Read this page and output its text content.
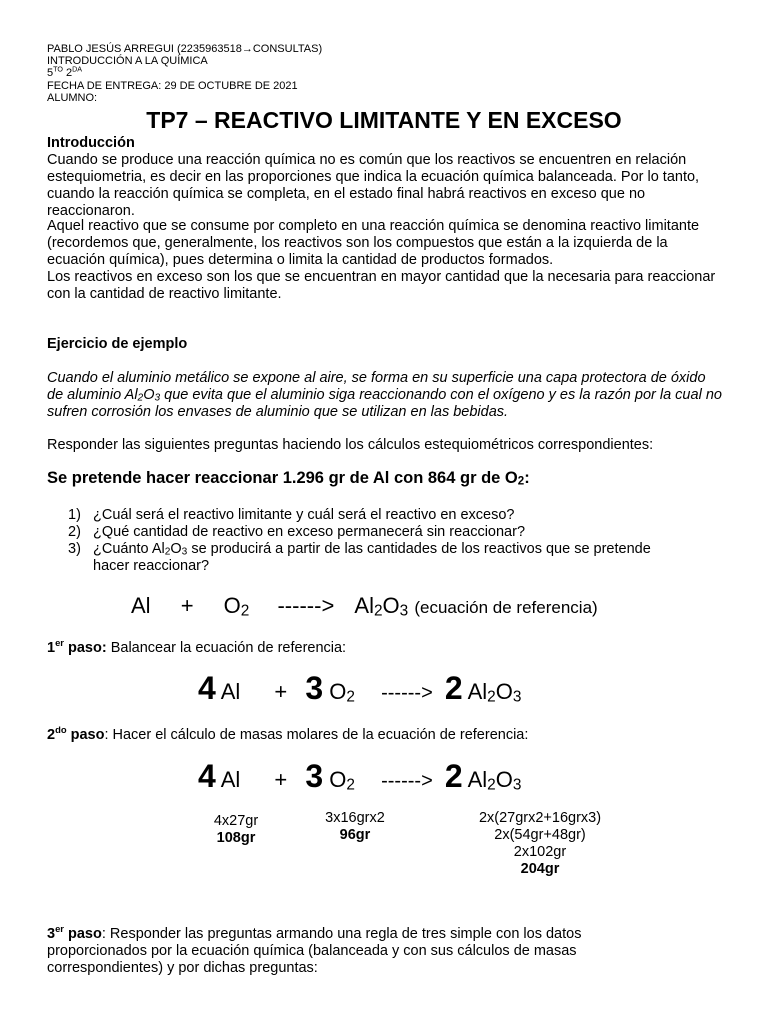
PABLO JESÚS ARREGUI (2235963518→CONSULTAS)
INTRODUCCIÓN A LA QUÍMICA
$5^{TO}$ $2^{DA}$
FECHA DE ENTREGA: 29 DE OCTUBRE DE 2021
ALUMNO:
TP7 – REACTIVO LIMITANTE Y EN EXCESO
Introducción
Cuando se produce una reacción química no es común que los reactivos se encuentren en relación estequiometria, es decir en las proporciones que indica la ecuación química balanceada. Por lo tanto, cuando la reacción química se completa, en el estado final habrá reactivos en exceso que no reaccionaron.
Aquel reactivo que se consume por completo en una reacción química se denomina reactivo limitante (recordemos que, generalmente, los reactivos son los compuestos que están a la izquierda de la ecuación química), pues determina o limita la cantidad de productos formados.
Los reactivos en exceso son los que se encuentran en mayor cantidad que la necesaria para reaccionar con la cantidad de reactivo limitante.
Ejercicio de ejemplo
Cuando el aluminio metálico se expone al aire, se forma en su superficie una capa protectora de óxido de aluminio $Al_2O_3$ que evita que el aluminio siga reaccionando con el oxígeno y es la razón por la cual no sufren corrosión los envases de aluminio que se utilizan en las bebidas.
Responder las siguientes preguntas haciendo los cálculos estequiométricos correspondientes:
Se pretende hacer reaccionar 1.296 gr de Al con 864 gr de $O_2$:
1) ¿Cuál será el reactivo limitante y cuál será el reactivo en exceso?
2) ¿Qué cantidad de reactivo en exceso permanecerá sin reaccionar?
3) ¿Cuánto $Al_2O_3$ se producirá a partir de las cantidades de los reactivos que se pretende
hacer reaccionar?
$Al + O_2$ ------> $Al_2O_3$ (ecuación de referencia)
1er paso: Balancear la ecuación de referencia:
4 Al + 3 $O_2$ ------> 2 $Al_2O_3$
$2^{do}$ paso: Hacer el cálculo de masas molares de la ecuación de referencia:
4 Al + 3 $O_2$ ------> 2 $Al_2O_3$
4x27gr
108gr
3x16grx2
96gr
2x(27grx2+16grx3)
2x(54gr+48gr)
2x102gr
204gr
3er paso: Responder las preguntas armando una regla de tres simple con los datos
proporcionados por la ecuación química (balanceada y con sus cálculos de masas
correspondientes) y por dichas preguntas:
